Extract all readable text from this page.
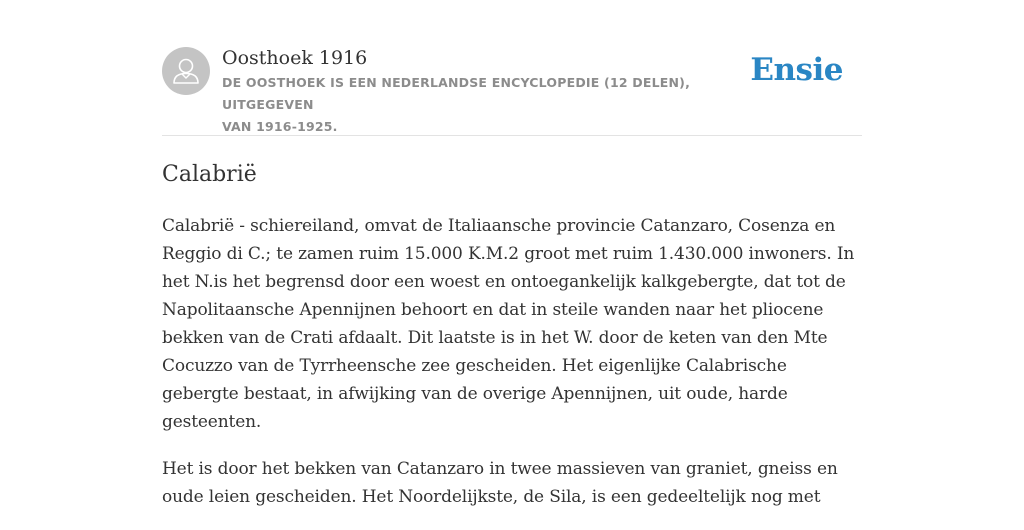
Oosthoek 1916

DE OOSTHOEK IS EEN NEDERLANDSE ENCYCLOPEDIE (12 DELEN), UITGEGEVEN
VAN 1916-1925.

Ensie
Calabrië

Calabrië - schiereiland, omvat de Italiaansche provincie Catanzaro, Cosenza en
Reggio di C.; te zamen ruim 15.000 K.M.2 groot met ruim 1.430.000 inwoners. In
het N.is het begrensd door een woest en ontoegankelijk kalkgebergte, dat tot de
Napolitaansche Apennijnen behoort en dat in steile wanden naar het pliocene
bekken van de Crati afdaalt. Dit laatste is in het W. door de keten van den Mte
Cocuzzo van de Tyrrheensche zee gescheiden. Het eigenlijke Calabrische
gebergte bestaat, in afwijking van de overige Apennijnen, uit oude, harde
gesteenten.

Het is door het bekken van Catanzaro in twee massieven van graniet, gneiss en
oude leien gescheiden. Het Noordelijkste, de Sila, is een gedeeltelijk nog met
